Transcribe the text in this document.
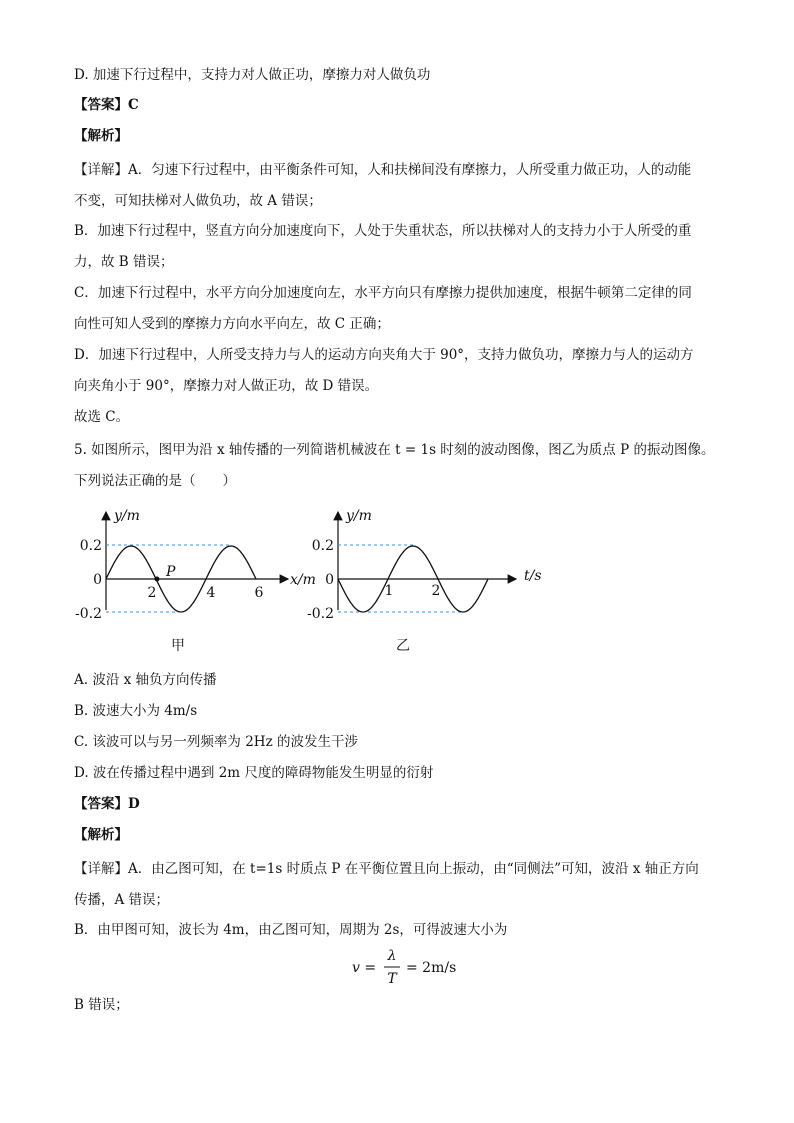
D. 加速下行过程中，支持力对人做正功，摩擦力对人做负功
【答案】C
【解析】
【详解】A．匀速下行过程中，由平衡条件可知，人和扶梯间没有摩擦力，人所受重力做正功，人的动能
不变，可知扶梯对人做负功，故 A 错误；
B．加速下行过程中，竖直方向分加速度向下，人处于失重状态，所以扶梯对人的支持力小于人所受的重
力，故 B 错误；
C．加速下行过程中，水平方向分加速度向左，水平方向只有摩擦力提供加速度，根据牛顿第二定律的同
向性可知人受到的摩擦力方向水平向左，故 C 正确；
D．加速下行过程中，人所受支持力与人的运动方向夹角大于 90°，支持力做负功，摩擦力与人的运动方
向夹角小于 90°，摩擦力对人做正功，故 D 错误。
故选 C。
5. 如图所示，图甲为沿 x 轴传播的一列简谐机械波在 t = 1s 时刻的波动图像，图乙为质点 P 的振动图像。
下列说法正确的是（　　）
P
y/m
x/m
0.2
0
-0.2
2	4	6
甲
y/m
t/s
0.2
0
-0.2
1	2
乙
A. 波沿 x 轴负方向传播
B. 波速大小为 4m/s
C. 该波可以与另一列频率为 2Hz 的波发生干涉
D. 波在传播过程中遇到 2m 尺度的障碍物能发生明显的衍射
【答案】D
【解析】
【详解】A．由乙图可知，在 t=1s 时质点 P 在平衡位置且向上振动，由“同侧法”可知，波沿 x 轴正方向
传播，A 错误；
B．由甲图可知，波长为 4m，由乙图可知，周期为 2s，可得波速大小为
v =
λ
T
= 2m/s
B 错误；
